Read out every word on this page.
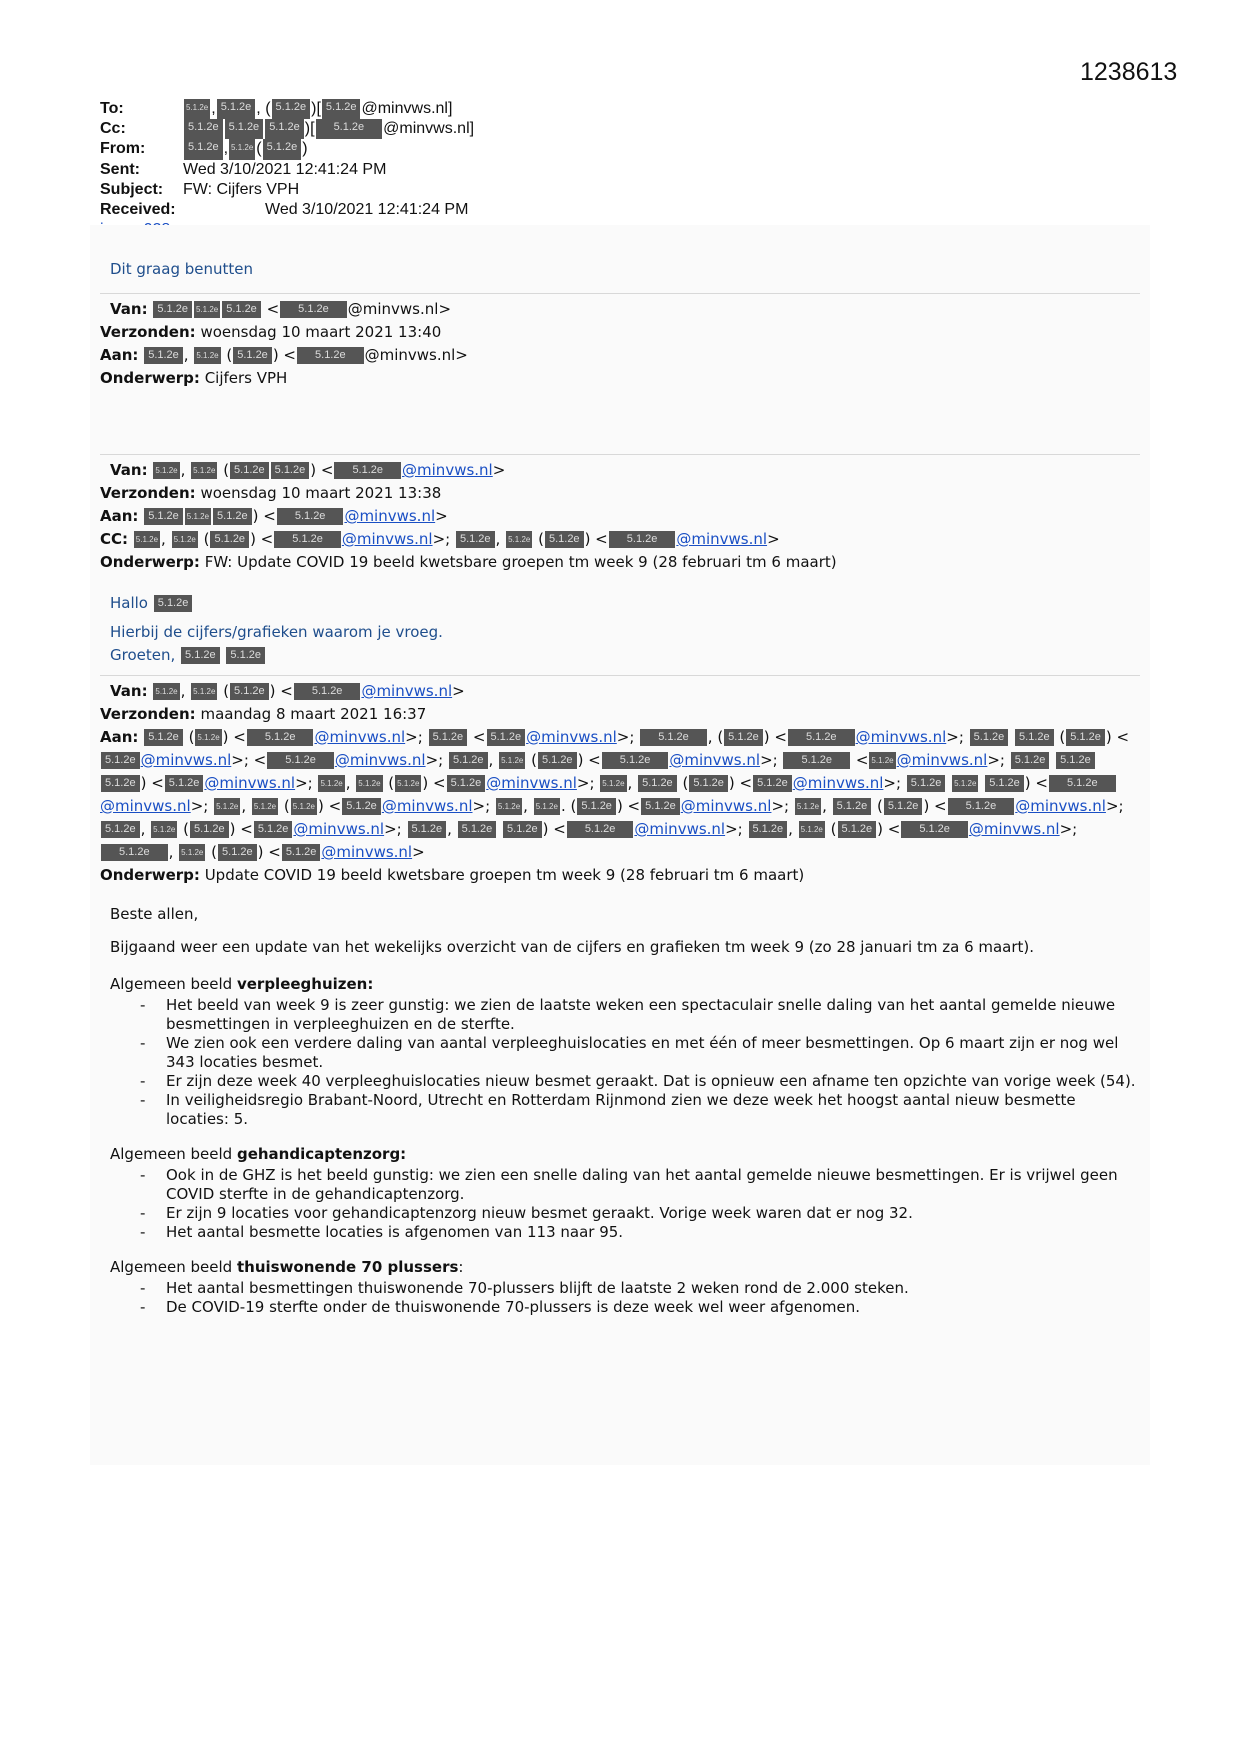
1238613
To:	5.1.2e , 5.1.2e , ( 5.1.2e )[ 5.1.2e @minvws.nl]
Cc:	5.1.2e 5.1.2e 5.1.2e )[	5.1.2e	@minvws.nl]
From:	5.1.2e , 5.1.2e ( 5.1.2e )
Sent:	Wed 3/10/2021 12:41:24 PM
Subject:	FW: Cijfers VPH
Received:	Wed 3/10/2021 12:41:24 PM
Dit graag benutten
Van: 5.1.2e 5.1.2e 5.1.2e < 5.1.2e @minvws.nl>
Verzonden: woensdag 10 maart 2021 13:40
Aan: 5.1.2e , 5.1.2e ( 5.1.2e ) < 5.1.2e @minvws.nl>
Onderwerp: Cijfers VPH
Van: 5.1.2e , 5.1.2e ( 5.1.2e 5.1.2e ) < 5.1.2e @minvws.nl>
Verzonden: woensdag 10 maart 2021 13:38
Aan: 5.1.2e 5.1.2e 5.1.2e ) < 5.1.2e @minvws.nl>
CC: 5.1.2e , 5.1.2e ( 5.1.2e ) < 5.1.2e @minvws.nl>; 5.1.2e , 5.1.2e ( 5.1.2e ) < 5.1.2e @minvws.nl>
Onderwerp: FW: Update COVID 19 beeld kwetsbare groepen tm week 9 (28 februari tm 6 maart)
Hallo 5.1.2e
Hierbij de cijfers/grafieken waarom je vroeg.
Groeten, 5.1.2e 5.1.2e
Van: 5.1.2e , 5.1.2e ( 5.1.2e ) < 5.1.2e @minvws.nl>
Verzonden: maandag 8 maart 2021 16:37
Aan: 5.1.2e ( 5.1.2e ) < 5.1.2e @minvws.nl>; 5.1.2e < 5.1.2e @minvws.nl>; 5.1.2e , ( 5.1.2e ) < 5.1.2e @minvws.nl>; 5.1.2e 5.1.2e ( 5.1.2e ) <5.1.2e @minvws.nl>; < 5.1.2e @minvws.nl>; 5.1.2e , 5.1.2e ( 5.1.2e ) < 5.1.2e @minvws.nl>; 5.1.2e < 5.1.2e @minvws.nl>; 5.1.2e 5.1.2e 5.1.2e ) < 5.1.2e @minvws.nl>; 5.1.2e , 5.1.2e ( 5.1.2e ) < 5.1.2e @minvws.nl>; 5.1.2e , 5.1.2e ( 5.1.2e ) < 5.1.2e @minvws.nl>; 5.1.2e 5.1.2e 5.1.2e ) < 5.1.2e@minvws.nl>; 5.1.2e , 5.1.2e ( 5.1.2e ) < 5.1.2e @minvws.nl>; 5.1.2e , 5.1.2e . ( 5.1.2e ) < 5.1.2e @minvws.nl>; 5.1.2e , 5.1.2e ( 5.1.2e ) < 5.1.2e @minvws.nl>; 5.1.2e , 5.1.2e ( 5.1.2e ) < 5.1.2e @minvws.nl>; 5.1.2e , 5.1.2e 5.1.2e ) < 5.1.2e @minvws.nl>; 5.1.2e , 5.1.2e ( 5.1.2e ) < 5.1.2e @minvws.nl>; 5.1.2e , 5.1.2e ( 5.1.2e ) < 5.1.2e @minvws.nl>
Onderwerp: Update COVID 19 beeld kwetsbare groepen tm week 9 (28 februari tm 6 maart)
Beste allen,
Bijgaand weer een update van het wekelijks overzicht van de cijfers en grafieken tm week 9 (zo 28 januari tm za 6 maart).
Algemeen beeld verpleeghuizen:
- Het beeld van week 9 is zeer gunstig: we zien de laatste weken een spectaculair snelle daling van het aantal gemelde nieuwe besmettingen in verpleeghuizen en de sterfte.
- We zien ook een verdere daling van aantal verpleeghuislocaties en met één of meer besmettingen. Op 6 maart zijn er nog wel 343 locaties besmet.
- Er zijn deze week 40 verpleeghuislocaties nieuw besmet geraakt. Dat is opnieuw een afname ten opzichte van vorige week (54).
- In veiligheidsregio Brabant-Noord, Utrecht en Rotterdam Rijnmond zien we deze week het hoogst aantal nieuw besmette locaties: 5.
Algemeen beeld gehandicaptenzorg:
- Ook in de GHZ is het beeld gunstig: we zien een snelle daling van het aantal gemelde nieuwe besmettingen. Er is vrijwel geen COVID sterfte in de gehandicaptenzorg.
- Er zijn 9 locaties voor gehandicaptenzorg nieuw besmet geraakt. Vorige week waren dat er nog 32.
- Het aantal besmette locaties is afgenomen van 113 naar 95.
Algemeen beeld thuiswonende 70 plussers:
- Het aantal besmettingen thuiswonende 70-plussers blijft de laatste 2 weken rond de 2.000 steken.
- De COVID-19 sterfte onder de thuiswonende 70-plussers is deze week wel weer afgenomen.
